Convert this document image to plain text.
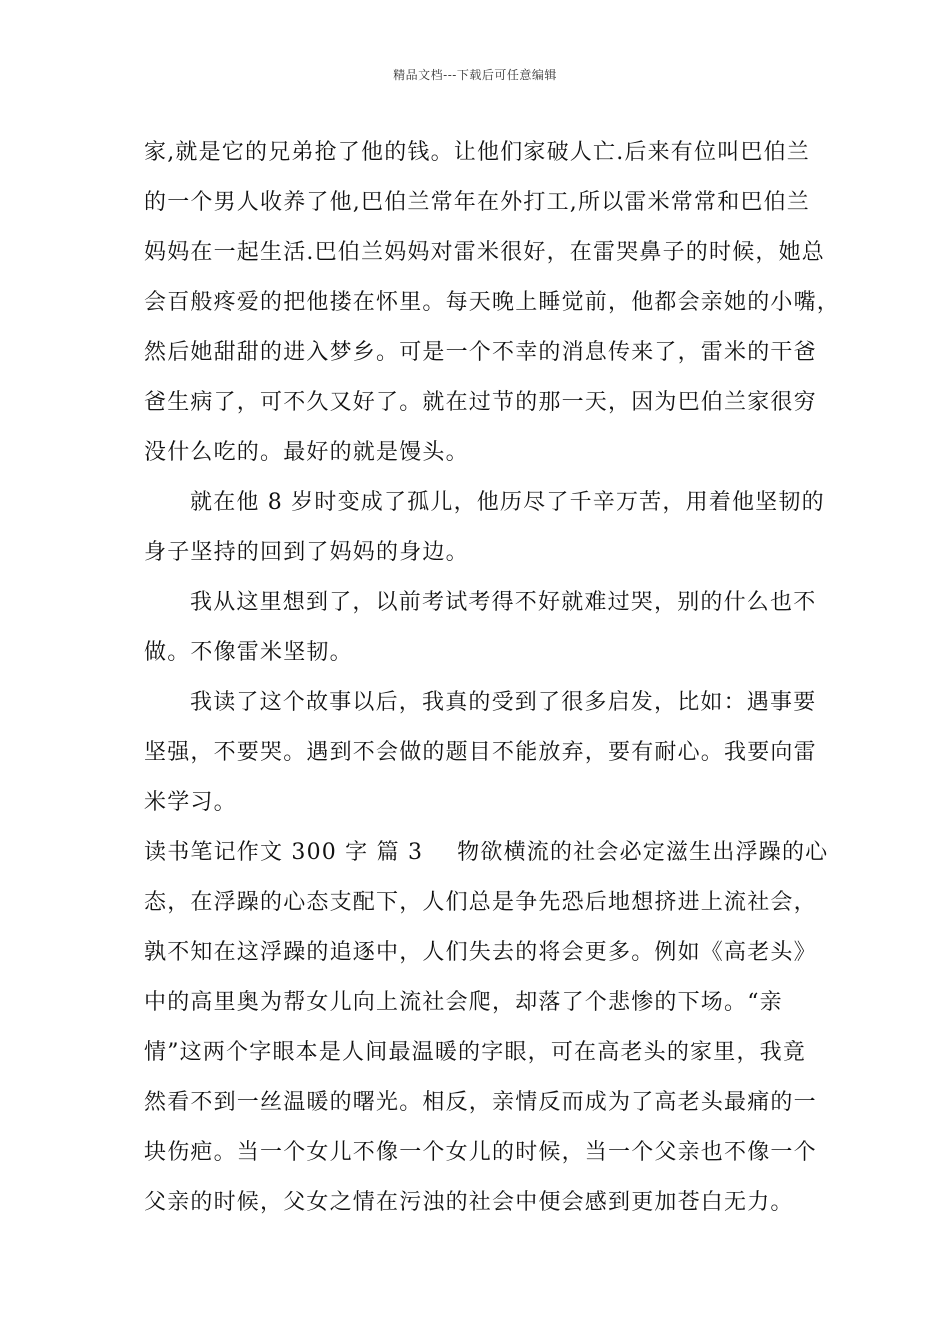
精品文档---下载后可任意编辑
家,就是它的兄弟抢了他的钱。让他们家破人亡.后来有位叫巴伯兰
的一个男人收养了他,巴伯兰常年在外打工,所以雷米常常和巴伯兰
妈妈在一起生活.巴伯兰妈妈对雷米很好，在雷哭鼻子的时候，她总
会百般疼爱的把他搂在怀里。每天晚上睡觉前，他都会亲她的小嘴，
然后她甜甜的进入梦乡。可是一个不幸的消息传来了，雷米的干爸
爸生病了，可不久又好了。就在过节的那一天，因为巴伯兰家很穷
没什么吃的。最好的就是馒头。
就在他 8 岁时变成了孤儿，他历尽了千辛万苦，用着他坚韧的
身子坚持的回到了妈妈的身边。
我从这里想到了，以前考试考得不好就难过哭，别的什么也不
做。不像雷米坚韧。
我读了这个故事以后，我真的受到了很多启发，比如：遇事要
坚强，不要哭。遇到不会做的题目不能放弃，要有耐心。我要向雷
米学习。
读书笔记作文 300 字 篇 3 物欲横流的社会必定滋生出浮躁的心
态，在浮躁的心态支配下，人们总是争先恐后地想挤进上流社会，
孰不知在这浮躁的追逐中，人们失去的将会更多。例如《高老头》
中的高里奥为帮女儿向上流社会爬，却落了个悲惨的下场。“亲
情”这两个字眼本是人间最温暖的字眼，可在高老头的家里，我竟
然看不到一丝温暖的曙光。相反，亲情反而成为了高老头最痛的一
块伤疤。当一个女儿不像一个女儿的时候，当一个父亲也不像一个
父亲的时候，父女之情在污浊的社会中便会感到更加苍白无力。
